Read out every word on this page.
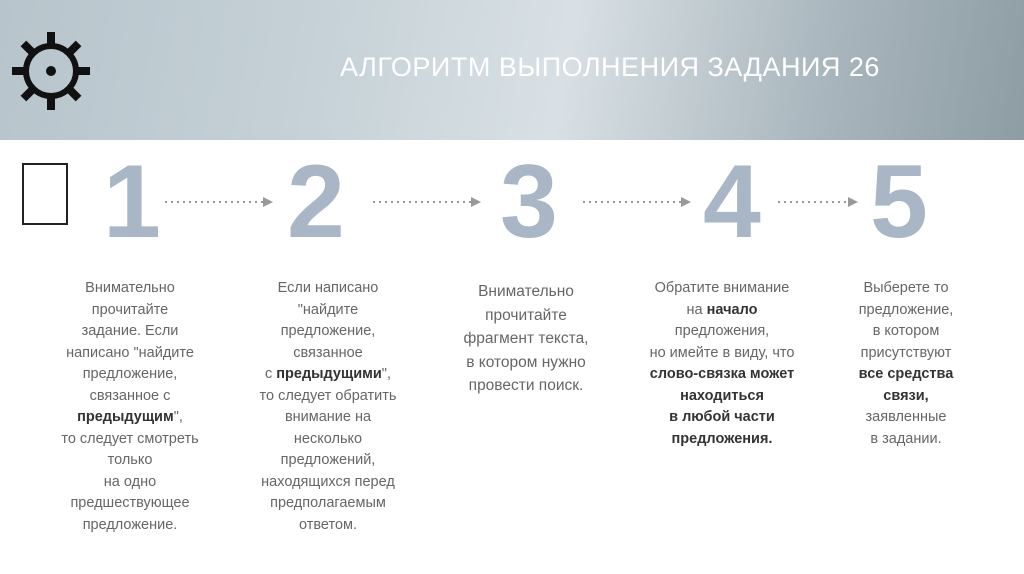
АЛГОРИТМ ВЫПОЛНЕНИЯ ЗАДАНИЯ 26
1 2 3 4 5
Внимательно
прочитайте
задание. Если
написано "найдите
предложение,
связанное с
предыдущим",
то следует смотреть
только
на одно
предшествующее
предложение.
Если написано
"найдите
предложение,
связанное
с предыдущими",
то следует обратить
внимание на
несколько
предложений,
находящихся перед
предполагаемым
ответом.
Внимательно
прочитайте
фрагмент текста,
в котором нужно
провести поиск.
Обратите внимание
на начало
предложения,
но имейте в виду, что
слово-связка может
находиться
в любой части
предложения.
Выберете то
предложение,
в котором
присутствуют
все средства
связи,
заявленные
в задании.
